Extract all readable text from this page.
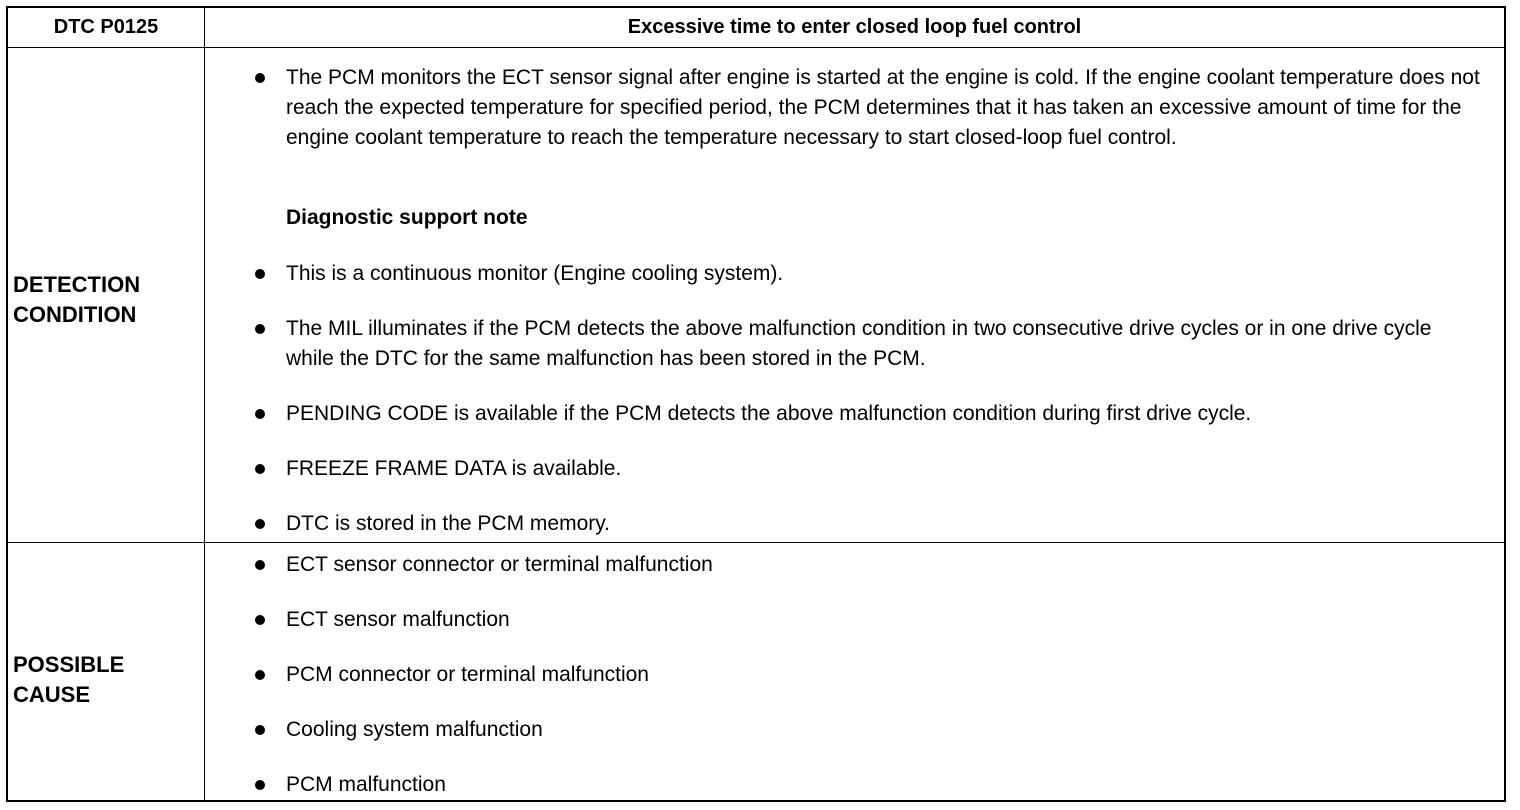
DTC P0125	Excessive time to enter closed loop fuel control
DETECTION
CONDITION
The PCM monitors the ECT sensor signal after engine is started at the engine is cold. If the engine coolant temperature does not reach the expected temperature for specified period, the PCM determines that it has taken an excessive amount of time for the engine coolant temperature to reach the temperature necessary to start closed-loop fuel control.
Diagnostic support note
This is a continuous monitor (Engine cooling system).
The MIL illuminates if the PCM detects the above malfunction condition in two consecutive drive cycles or in one drive cycle while the DTC for the same malfunction has been stored in the PCM.
PENDING CODE is available if the PCM detects the above malfunction condition during first drive cycle.
FREEZE FRAME DATA is available.
DTC is stored in the PCM memory.
POSSIBLE
CAUSE
ECT sensor connector or terminal malfunction
ECT sensor malfunction
PCM connector or terminal malfunction
Cooling system malfunction
PCM malfunction
